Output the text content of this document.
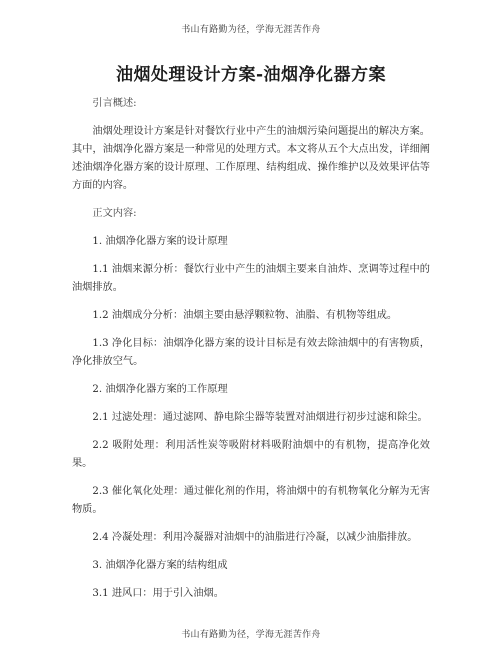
书山有路勤为径，学海无涯苦作舟
油烟处理设计方案-油烟净化器方案

引言概述:

油烟处理设计方案是针对餐饮行业中产生的油烟污染问题提出的解决方案。其中，油烟净化器方案是一种常见的处理方式。本文将从五个大点出发，详细阐述油烟净化器方案的设计原理、工作原理、结构组成、操作维护以及效果评估等方面的内容。

正文内容:

1. 油烟净化器方案的设计原理

1.1 油烟来源分析：餐饮行业中产生的油烟主要来自油炸、烹调等过程中的油烟排放。

1.2 油烟成分分析：油烟主要由悬浮颗粒物、油脂、有机物等组成。

1.3 净化目标：油烟净化器方案的设计目标是有效去除油烟中的有害物质，净化排放空气。

2. 油烟净化器方案的工作原理

2.1 过滤处理：通过滤网、静电除尘器等装置对油烟进行初步过滤和除尘。

2.2 吸附处理：利用活性炭等吸附材料吸附油烟中的有机物，提高净化效果。

2.3 催化氧化处理：通过催化剂的作用，将油烟中的有机物氧化分解为无害物质。

2.4 冷凝处理：利用冷凝器对油烟中的油脂进行冷凝，以减少油脂排放。

3. 油烟净化器方案的结构组成

3.1 进风口：用于引入油烟。

书山有路勤为径，学海无涯苦作舟
